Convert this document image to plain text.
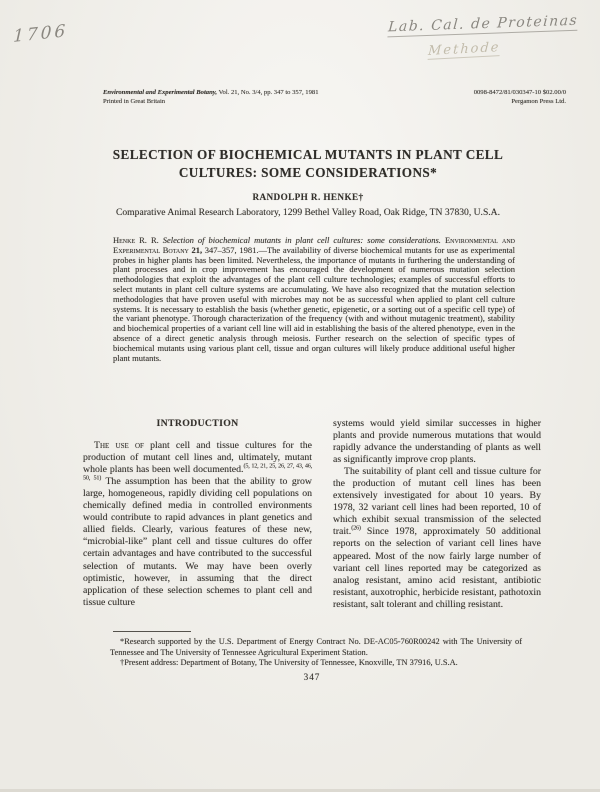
1706	Lab. Cal. de Proteinas
Methode
Environmental and Experimental Botany, Vol. 21, No. 3/4, pp. 347 to 357, 1981
Printed in Great Britain
0098-8472/81/030347-10 $02.00/0
Pergamon Press Ltd.
SELECTION OF BIOCHEMICAL MUTANTS IN PLANT CELL
CULTURES: SOME CONSIDERATIONS*
RANDOLPH R. HENKE†
Comparative Animal Research Laboratory, 1299 Bethel Valley Road, Oak Ridge, TN 37830, U.S.A.
Henke R. R. Selection of biochemical mutants in plant cell cultures: some considerations. Environmental and Experimental Botany 21, 347–357, 1981.—The availability of diverse biochemical mutants for use as experimental probes in higher plants has been limited. Nevertheless, the importance of mutants in furthering the understanding of plant processes and in crop improvement has encouraged the development of numerous mutation selection methodologies that exploit the advantages of the plant cell culture technologies; examples of successful efforts to select mutants in plant cell culture systems are accumulating. We have also recognized that the mutation selection methodologies that have proven useful with microbes may not be as successful when applied to plant cell culture systems. It is necessary to establish the basis (whether genetic, epigenetic, or a sorting out of a specific cell type) of the variant phenotype. Thorough characterization of the frequency (with and without mutagenic treatment), stability and biochemical properties of a variant cell line will aid in establishing the basis of the altered phenotype, even in the absence of a direct genetic analysis through meiosis. Further research on the selection of specific types of biochemical mutants using various plant cell, tissue and organ cultures will likely produce additional useful higher plant mutants.
INTRODUCTION

The use of plant cell and tissue cultures for the production of mutant cell lines and, ultimately, mutant whole plants has been well documented.$^{(5, 12, 21, 25, 26, 27, 43, 46, 50, 51)}$ The assumption has been that the ability to grow large, homogeneous, rapidly dividing cell populations on chemically defined media in controlled environments would contribute to rapid advances in plant genetics and allied fields. Clearly, various features of these new, “microbial-like” plant cell and tissue cultures do offer certain advantages and have contributed to the successful selection of mutants. We may have been overly optimistic, however, in assuming that the direct application of these selection schemes to plant cell and tissue culture

systems would yield similar successes in higher plants and provide numerous mutations that would rapidly advance the understanding of plants as well as significantly improve crop plants.

The suitability of plant cell and tissue culture for the production of mutant cell lines has been extensively investigated for about 10 years. By 1978, 32 variant cell lines had been reported, 10 of which exhibit sexual transmission of the selected trait.$^{(26)}$ Since 1978, approximately 50 additional reports on the selection of variant cell lines have appeared. Most of the now fairly large number of variant cell lines reported may be categorized as analog resistant, amino acid resistant, antibiotic resistant, auxotrophic, herbicide resistant, pathotoxin resistant, salt tolerant and chilling resistant.

*Research supported by the U.S. Department of Energy Contract No. DE-AC05-760R00242 with The University of Tennessee and The University of Tennessee Agricultural Experiment Station.

†Present address: Department of Botany, The University of Tennessee, Knoxville, TN 37916, U.S.A.

347
